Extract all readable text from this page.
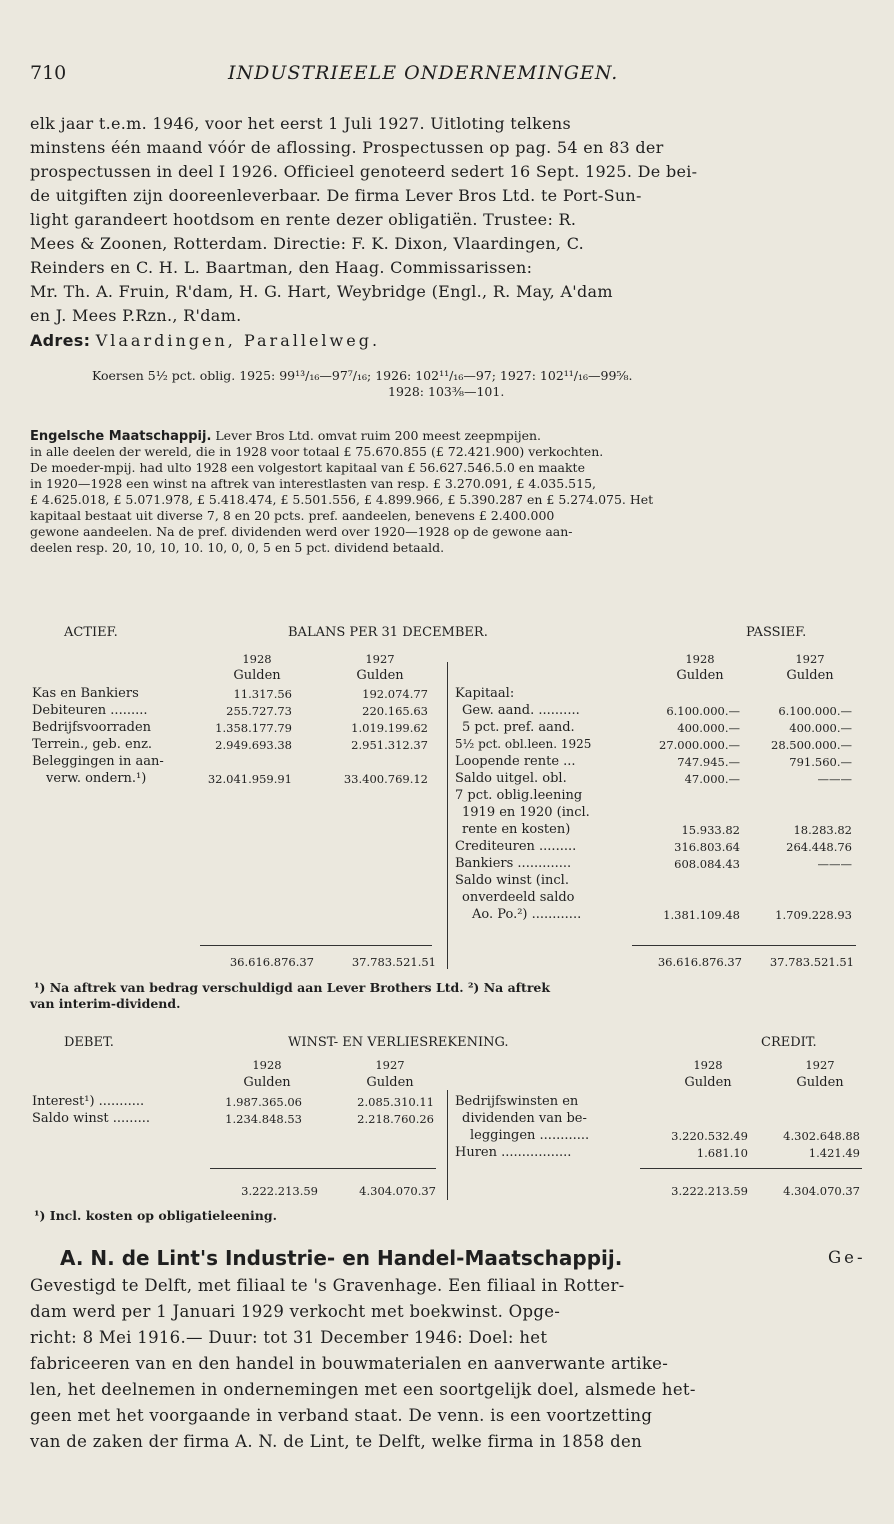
710	INDUSTRIEELE ONDERNEMINGEN.
elk jaar t.e.m. 1946, voor het eerst 1 Juli 1927. Uitloting telkens
minstens één maand vóór de aflossing. Prospectussen op pag. 54 en 83 der
prospectussen in deel I 1926. Officieel genoteerd sedert 16 Sept. 1925. De bei-
de uitgiften zijn dooreenleverbaar. De firma Lever Bros Ltd. te Port-Sun-
light garandeert hootdsom en rente dezer obligatiën. Trustee: R.
Mees & Zoonen, Rotterdam. Directie: F. K. Dixon, Vlaardingen, C.
Reinders en C. H. L. Baartman, den Haag. Commissarissen:
Mr. Th. A. Fruin, R'dam, H. G. Hart, Weybridge (Engl., R. May, A'dam
en J. Mees P.Rzn., R'dam.
Adres: Vlaardingen, Parallelweg.
Koersen 5½ pct. oblig. 1925: 99¹³/₁₆—97⁷/₁₆; 1926: 102¹¹/₁₆—97; 1927: 102¹¹/₁₆—99⅝.
1928: 103⅜—101.
Engelsche Maatschappij. Lever Bros Ltd. omvat ruim 200 meest zeepmpijen.
in alle deelen der wereld, die in 1928 voor totaal £ 75.670.855 (£ 72.421.900) verkochten.
De moeder-mpij. had ulto 1928 een volgestort kapitaal van £ 56.627.546.5.0 en maakte
in 1920—1928 een winst na aftrek van interestlasten van resp. £ 3.270.091, £ 4.035.515,
£ 4.625.018, £ 5.071.978, £ 5.418.474, £ 5.501.556, £ 4.899.966, £ 5.390.287 en £ 5.274.075. Het
kapitaal bestaat uit diverse 7, 8 en 20 pcts. pref. aandeelen, benevens £ 2.400.000
gewone aandeelen. Na de pref. dividenden werd over 1920—1928 op de gewone aan-
deelen resp. 20, 10, 10, 10. 10, 0, 0, 5 en 5 pct. dividend betaald.
ACTIEF.	BALANS PER 31 DECEMBER.	PASSIEF.
1928	1927	1928	1927
Gulden	Gulden	Gulden	Gulden
Kas en Bankiers	11.317.56	192.074.77
Debiteuren .........	255.727.73	220.165.63
Bedrijfsvoorraden	1.358.177.79	1.019.199.62
Terrein., geb. enz.	2.949.693.38	2.951.312.37
Beleggingen in aan-
verw. ondern.¹)	32.041.959.91	33.400.769.12
Kapitaal:
Gew. aand. ..........	6.100.000.—	6.100.000.—
5 pct. pref. aand.	400.000.—	400.000.—
5½ pct. obl.leen. 1925	27.000.000.—	28.500.000.—
Loopende rente ...	747.945.—	791.560.—
Saldo uitgel. obl.	47.000.—	———
7 pct. oblig.leening
1919 en 1920 (incl.
rente en kosten)	15.933.82	18.283.82
Crediteuren .........	316.803.64	264.448.76
Bankiers .............	608.084.43	———
Saldo winst (incl.
onverdeeld saldo
Ao. Po.²) ............	1.381.109.48	1.709.228.93
36.616.876.37	37.783.521.51	36.616.876.37	37.783.521.51
¹) Na aftrek van bedrag verschuldigd aan Lever Brothers Ltd. ²) Na aftrek
van interim-dividend.
DEBET.	WINST- EN VERLIESREKENING.	CREDIT.
1928	1927	1928	1927
Gulden	Gulden	Gulden	Gulden
Interest¹) ...........	1.987.365.06	2.085.310.11
Saldo winst .........	1.234.848.53	2.218.760.26
Bedrijfswinsten en
dividenden van be-
leggingen ............	3.220.532.49	4.302.648.88
Huren .................	1.681.10	1.421.49
3.222.213.59	4.304.070.37	3.222.213.59	4.304.070.37
¹) Incl. kosten op obligatieleening.
A. N. de Lint's Industrie- en Handel-Maatschappij.	Ge-
Gevestigd te Delft, met filiaal te 's Gravenhage. Een filiaal in Rotter-
dam werd per 1 Januari 1929 verkocht met boekwinst. Opge-
richt: 8 Mei 1916.— Duur: tot 31 December 1946: Doel: het
fabriceeren van en den handel in bouwmaterialen en aanverwante artike-
len, het deelnemen in ondernemingen met een soortgelijk doel, alsmede het-
geen met het voorgaande in verband staat. De venn. is een voortzetting
van de zaken der firma A. N. de Lint, te Delft, welke firma in 1858 den
